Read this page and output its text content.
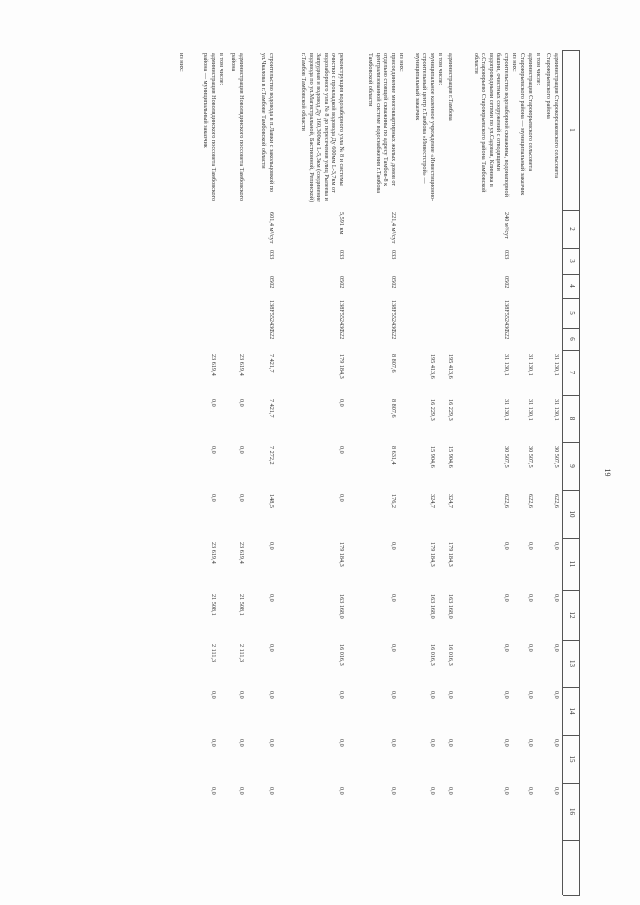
19
1
2
3
4
5
6
7
8
9
10
11
12
13
14
15
16
администрация Старокорсаковского сельсовета Староюрьевского района
31 130,1
31 130,1
30 507,5
622,6
0,0
0,0
0,0
0,0
0,0
0,0
в том числе:
администрация Староюрьевского сельсовета Староюрьевского района — муниципальный заказчик
31 130,1
31 130,1
30 507,5
622,6
0,0
0,0
0,0
0,0
0,0
0,0
из них:
строительство водозаборной скважины, водонапорной башни, очистных сооружений с отводящими водопроводными сетями по ул.Садовая, Клиника в с.Староюрьево Староюрьевского района Тамбовской области
240 м³/сут
033
0502
138F552430
522
31 130,1
31 130,1
30 507,5
622,6
0,0
0,0
0,0
0,0
0,0
0,0
администрация г.Тамбова
195 413,6
16 229,3
15 904,6
324,7
179 184,3
163 168,0
16 016,3
0,0
0,0
0,0
в том числе:
муниципальное казенное учреждение «Инвестиционно-строительный центр г.Тамбова «Инвестстрой» — муниципальный заказчик
195 413,6
16 229,3
15 904,6
324,7
179 184,3
163 168,0
16 016,3
0,0
0,0
0,0
из них:
присоединение многоквартирных жилых домов от отдельно стоящей скважины по адресу Тамбов-8 к централизованной системе водоснабжения г.Тамбова Тамбовской области
221,4 м³/сут
033
0502
138F552430
522
8 807,6
8 807,6
8 631,4
176,2
0,0
0,0
0,0
0,0
0,0
0,0
реконструкция водозаборного узла № 8 и системы очистки с прокладкой водовода Ду 600мм L-3,7км от водозаборного узла № 8 до пересечения улиц Рылеева и Запрудная и водовод Ду 160,300мм L-5,3км (соединение водовода по ул.Магистральной, Бастионной, Репинской) г.Тамбов Тамбовской области
5,591 км
033
0502
138F552430
522
179 184,3
0,0
0,0
0,0
179 184,3
163 168,0
16 016,3
0,0
0,0
0,0
строительство водовода в п.Лавки с закольцовкой по ул.Чкалова в г.Тамбове Тамбовской области
601,4 м³/сут
033
0502
138F552430
522
7 421,7
7 421,7
7 272,2
148,5
0,0
0,0
0,0
0,0
0,0
0,0
администрация Новолядинского поссовета Тамбовского района
23 619,4
0,0
0,0
0,0
23 619,4
21 508,1
2 111,3
0,0
0,0
0,0
в том числе:
администрация Новолядинского поссовета Тамбовского района — муниципальный заказчик
23 619,4
0,0
0,0
0,0
23 619,4
21 508,1
2 111,3
0,0
0,0
0,0
из них:
